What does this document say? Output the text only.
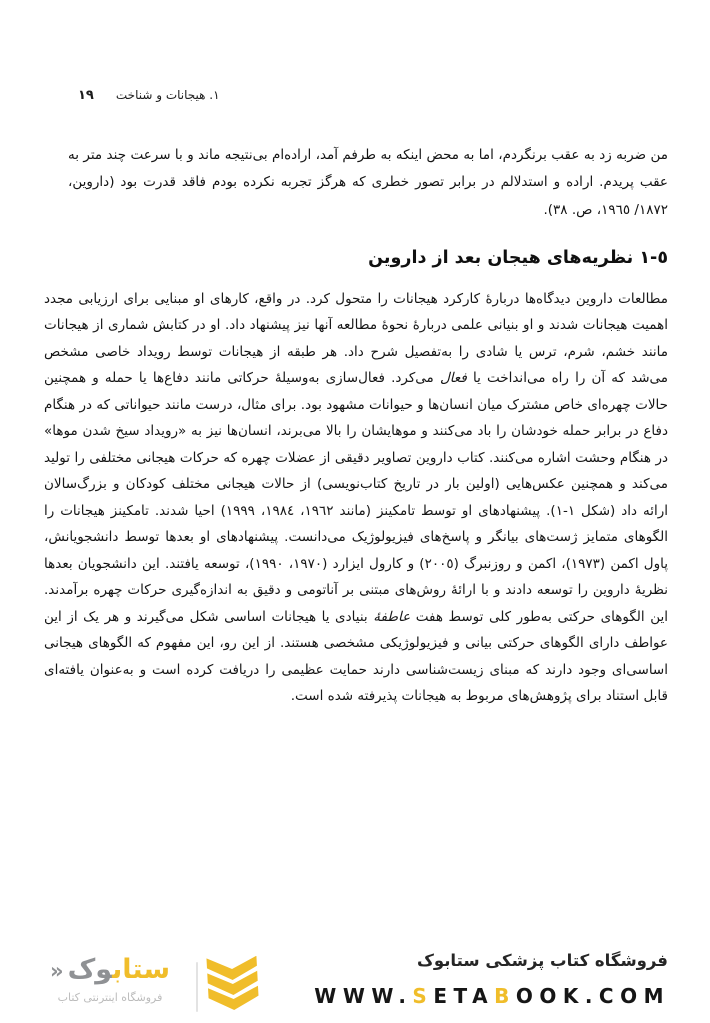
١٩ ١. هیجانات و شناخت

من ضربه زد به عقب برنگردم، اما به محض اینکه به طرفم آمد، اراده‌ام بی‌نتیجه ماند و با سرعت چند متر به عقب پریدم. اراده و استدلالم در برابر تصور خطری که هرگز تجربه نکرده بودم فاقد قدرت بود (داروین، ١٨٧٢/ ١٩٦٥، ص. ٣٨).

٥-١ نظریه‌های هیجان بعد از داروین

مطالعات داروین دیدگاه‌ها دربارهٔ کارکرد هیجانات را متحول کرد. در واقع، کارهای او مبنایی برای ارزیابی مجدد اهمیت هیجانات شدند و او بنیانی علمی دربارهٔ نحوهٔ مطالعه آنها نیز پیشنهاد داد. او در کتابش شماری از هیجانات مانند خشم، شرم، ترس یا شادی را به‌تفصیل شرح داد. هر طبقه از هیجانات توسط رویداد خاصی مشخص می‌شد که آن را راه می‌انداخت یا فعال می‌کرد. فعال‌سازی به‌وسیلهٔ حرکاتی مانند دفاع‌ها یا حمله و همچنین حالات چهره‌ای خاص مشترک میان انسان‌ها و حیوانات مشهود بود. برای مثال، درست مانند حیواناتی که در هنگام دفاع در برابر حمله خودشان را باد می‌کنند و موهایشان را بالا می‌برند، انسان‌ها نیز به «رویداد سیخ شدن موها» در هنگام وحشت اشاره می‌کنند. کتاب داروین تصاویر دقیقی از عضلات چهره که حرکات هیجانی مختلفی را تولید می‌کند و همچنین عکس‌هایی (اولین بار در تاریخ کتاب‌نویسی) از حالات هیجانی مختلف کودکان و بزرگ‌سالان ارائه داد (شکل ١-١). پیشنهادهای او توسط تامکینز (مانند ١٩٦٢، ١٩٨٤، ١٩٩٩) احیا شدند. تامکینز هیجانات را الگوهای متمایز ژست‌های بیانگر و پاسخ‌های فیزیولوژیک می‌دانست. پیشنهادهای او بعدها توسط دانشجویانش، پاول اکمن (١٩٧٣)، اکمن و روزنبرگ (٢٠٠٥) و کارول ایزارد (١٩٧٠، ١٩٩٠)، توسعه یافتند. این دانشجویان بعدها نظریهٔ داروین را توسعه دادند و با ارائهٔ روش‌های مبتنی بر آناتومی و دقیق به اندازه‌گیری حرکات چهره برآمدند. این الگوهای حرکتی به‌طور کلی توسط هفت عاطفهٔ بنیادی یا هیجانات اساسی شکل می‌گیرند و هر یک از این عواطف دارای الگوهای حرکتی بیانی و فیزیولوژیکی مشخصی هستند. از این رو، این مفهوم که الگوهای هیجانی اساسی‌ای وجود دارند که مبنای زیست‌شناسی دارند حمایت عظیمی را دریافت کرده است و به‌عنوان یافته‌ای قابل استناد برای پژوهش‌های مربوط به هیجانات پذیرفته شده است.

فروشگاه کتاب پزشکی ستابوک
WWW.SETABOOK.COM
ستابوک«
فروشگاه اینترنتی کتاب
